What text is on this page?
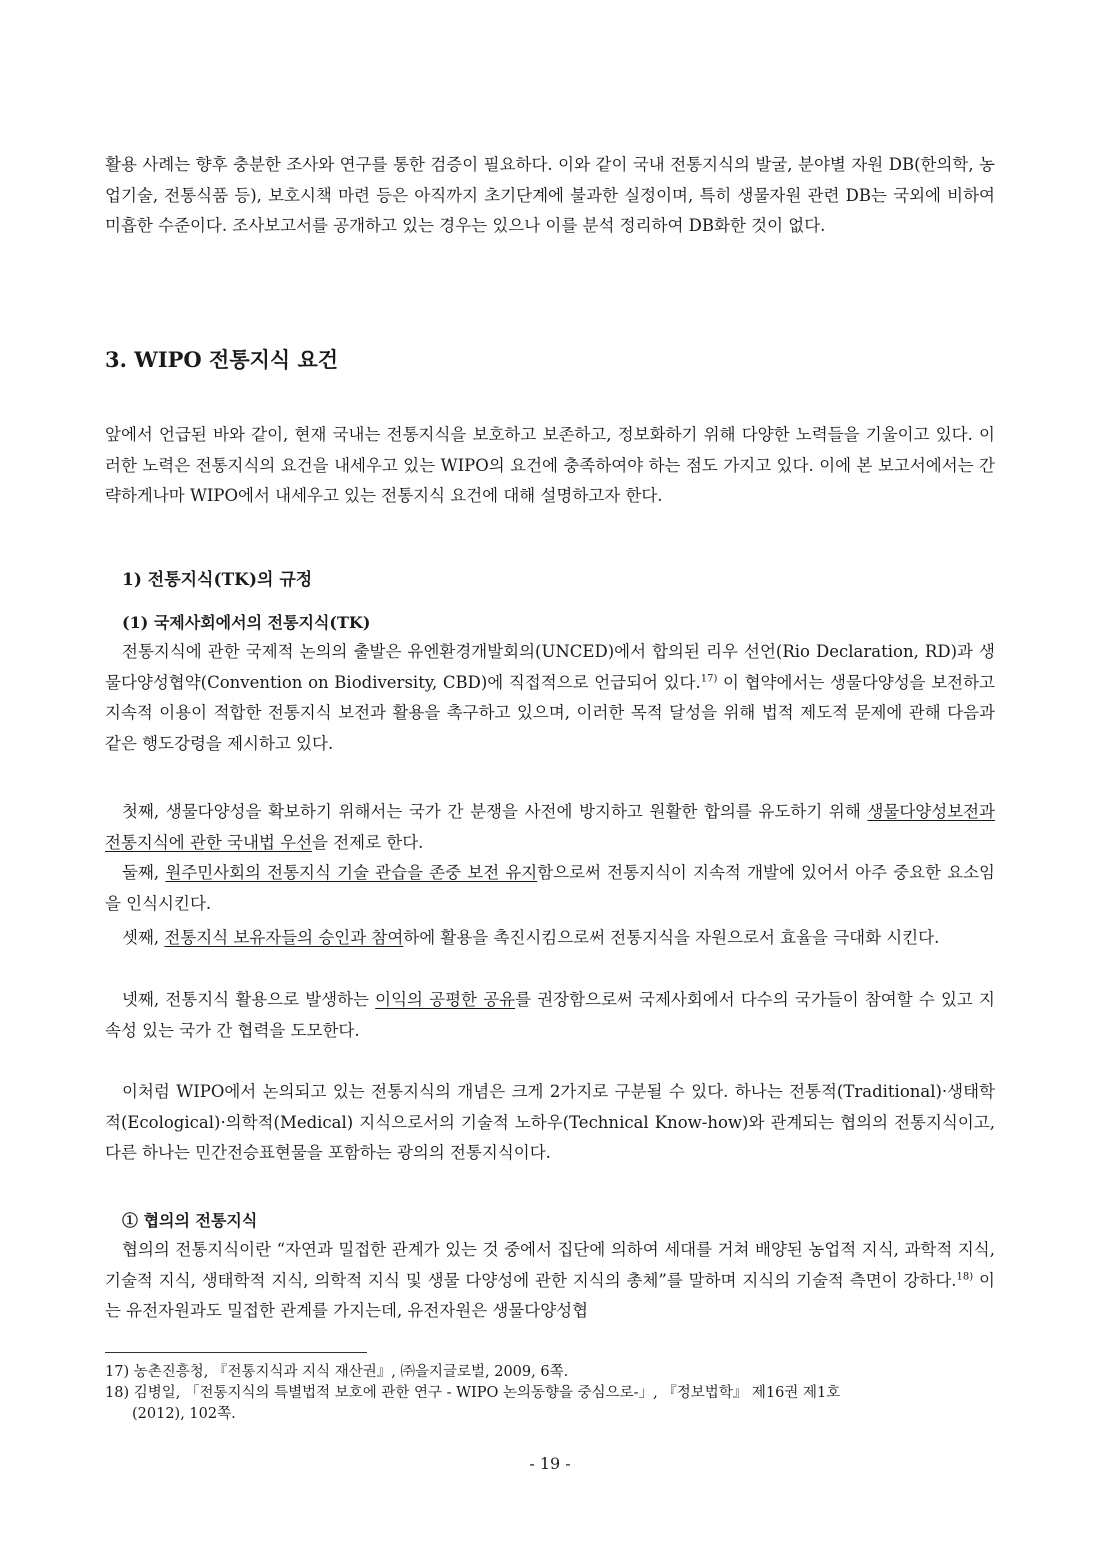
활용 사례는 향후 충분한 조사와 연구를 통한 검증이 필요하다. 이와 같이 국내 전통지식의 발굴, 분야별 자원 DB(한의학, 농업기술, 전통식품 등), 보호시책 마련 등은 아직까지 초기단계에 불과한 실정이며, 특히 생물자원 관련 DB는 국외에 비하여 미흡한 수준이다. 조사보고서를 공개하고 있는 경우는 있으나 이를 분석 정리하여 DB화한 것이 없다.

3. WIPO 전통지식 요건

앞에서 언급된 바와 같이, 현재 국내는 전통지식을 보호하고 보존하고, 정보화하기 위해 다양한 노력들을 기울이고 있다. 이러한 노력은 전통지식의 요건을 내세우고 있는 WIPO의 요건에 충족하여야 하는 점도 가지고 있다. 이에 본 보고서에서는 간략하게나마 WIPO에서 내세우고 있는 전통지식 요건에 대해 설명하고자 한다.

1) 전통지식(TK)의 규정
(1) 국제사회에서의 전통지식(TK)

전통지식에 관한 국제적 논의의 출발은 유엔환경개발회의(UNCED)에서 합의된 리우 선언(Rio Declaration, RD)과 생물다양성협약(Convention on Biodiversity, CBD)에 직접적으로 언급되어 있다.$^{17)}$ 이 협약에서는 생물다양성을 보전하고 지속적 이용이 적합한 전통지식 보전과 활용을 촉구하고 있으며, 이러한 목적 달성을 위해 법적 제도적 문제에 관해 다음과 같은 행도강령을 제시하고 있다.

첫째, 생물다양성을 확보하기 위해서는 국가 간 분쟁을 사전에 방지하고 원활한 합의를 유도하기 위해 생물다양성보전과 전통지식에 관한 국내법 우선을 전제로 한다.

둘째, 원주민사회의 전통지식 기술 관습을 존중 보전 유지함으로써 전통지식이 지속적 개발에 있어서 아주 중요한 요소임을 인식시킨다.

셋째, 전통지식 보유자들의 승인과 참여하에 활용을 촉진시킴으로써 전통지식을 자원으로서 효율을 극대화 시킨다.

넷째, 전통지식 활용으로 발생하는 이익의 공평한 공유를 권장함으로써 국제사회에서 다수의 국가들이 참여할 수 있고 지속성 있는 국가 간 협력을 도모한다.

이처럼 WIPO에서 논의되고 있는 전통지식의 개념은 크게 2가지로 구분될 수 있다. 하나는 전통적(Traditional)·생태학적(Ecological)·의학적(Medical) 지식으로서의 기술적 노하우(Technical Know-how)와 관계되는 협의의 전통지식이고, 다른 하나는 민간전승표현물을 포함하는 광의의 전통지식이다.

① 협의의 전통지식

협의의 전통지식이란 “자연과 밀접한 관계가 있는 것 중에서 집단에 의하여 세대를 거쳐 배양된 농업적 지식, 과학적 지식, 기술적 지식, 생태학적 지식, 의학적 지식 및 생물 다양성에 관한 지식의 총체”를 말하며 지식의 기술적 측면이 강하다.$^{18)}$ 이는 유전자원과도 밀접한 관계를 가지는데, 유전자원은 생물다양성협

17) 농촌진흥청, 『전통지식과 지식 재산권』, ㈜을지글로벌, 2009, 6쪽.

18) 김병일, 「전통지식의 특별법적 보호에 관한 연구 - WIPO 논의동향을 중심으로-」, 『정보법학』 제16권 제1호
(2012), 102쪽.

- 19 -
